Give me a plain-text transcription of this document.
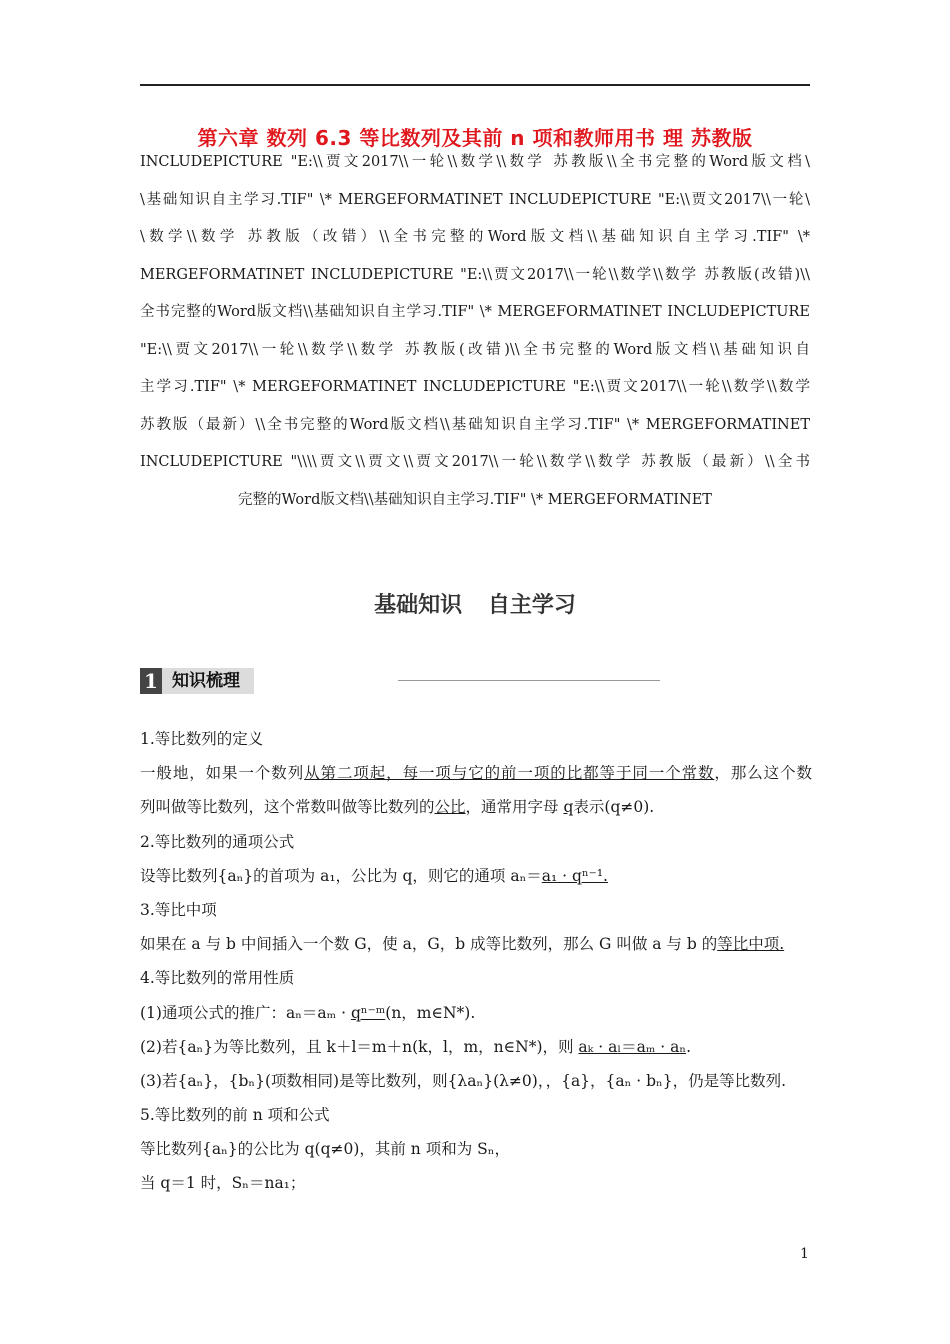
第六章 数列 6.3 等比数列及其前 n 项和教师用书 理 苏教版
INCLUDEPICTURE "E:\\贾文2017\\一轮\\数学\\数学 苏教版\\全书完整的Word版文档\
\基础知识自主学习.TIF" \* MERGEFORMATINET INCLUDEPICTURE "E:\\贾文2017\\一轮\
\数学\\数学 苏教版（改错）\\全书完整的Word版文档\\基础知识自主学习.TIF" \*
MERGEFORMATINET INCLUDEPICTURE "E:\\贾文2017\\一轮\\数学\\数学 苏教版(改错)\\
全书完整的Word版文档\\基础知识自主学习.TIF" \* MERGEFORMATINET INCLUDEPICTURE
"E:\\贾文2017\\一轮\\数学\\数学 苏教版(改错)\\全书完整的Word版文档\\基础知识自
主学习.TIF" \* MERGEFORMATINET INCLUDEPICTURE "E:\\贾文2017\\一轮\\数学\\数学
苏教版（最新）\\全书完整的Word版文档\\基础知识自主学习.TIF" \* MERGEFORMATINET
INCLUDEPICTURE "\\\\贾文\\贾文\\贾文2017\\一轮\\数学\\数学 苏教版（最新）\\全书
完整的Word版文档\\基础知识自主学习.TIF" \* MERGEFORMATINET
基础知识 自主学习
1 知识梳理
1.等比数列的定义
一般地，如果一个数列从第二项起，每一项与它的前一项的比都等于同一个常数，那么这个数
列叫做等比数列，这个常数叫做等比数列的公比，通常用字母 q表示(q≠0).
2.等比数列的通项公式
设等比数列{aₙ}的首项为 a₁，公比为 q，则它的通项 aₙ＝a₁ · qⁿ⁻¹.
3.等比中项
如果在 a 与 b 中间插入一个数 G，使 a，G，b 成等比数列，那么 G 叫做 a 与 b 的等比中项.
4.等比数列的常用性质
(1)通项公式的推广：aₙ＝aₘ · qⁿ⁻ᵐ(n，m∈N*).
(2)若{aₙ}为等比数列，且 k＋l＝m＋n(k，l，m，n∈N*)，则 aₖ · aₗ＝aₘ · aₙ.
(3)若{aₙ}，{bₙ}(项数相同)是等比数列，则{λaₙ}(λ≠0)，，{a}，{aₙ · bₙ}，仍是等比数列.
5.等比数列的前 n 项和公式
等比数列{aₙ}的公比为 q(q≠0)，其前 n 项和为 Sₙ，
当 q＝1 时，Sₙ＝na₁；
1
